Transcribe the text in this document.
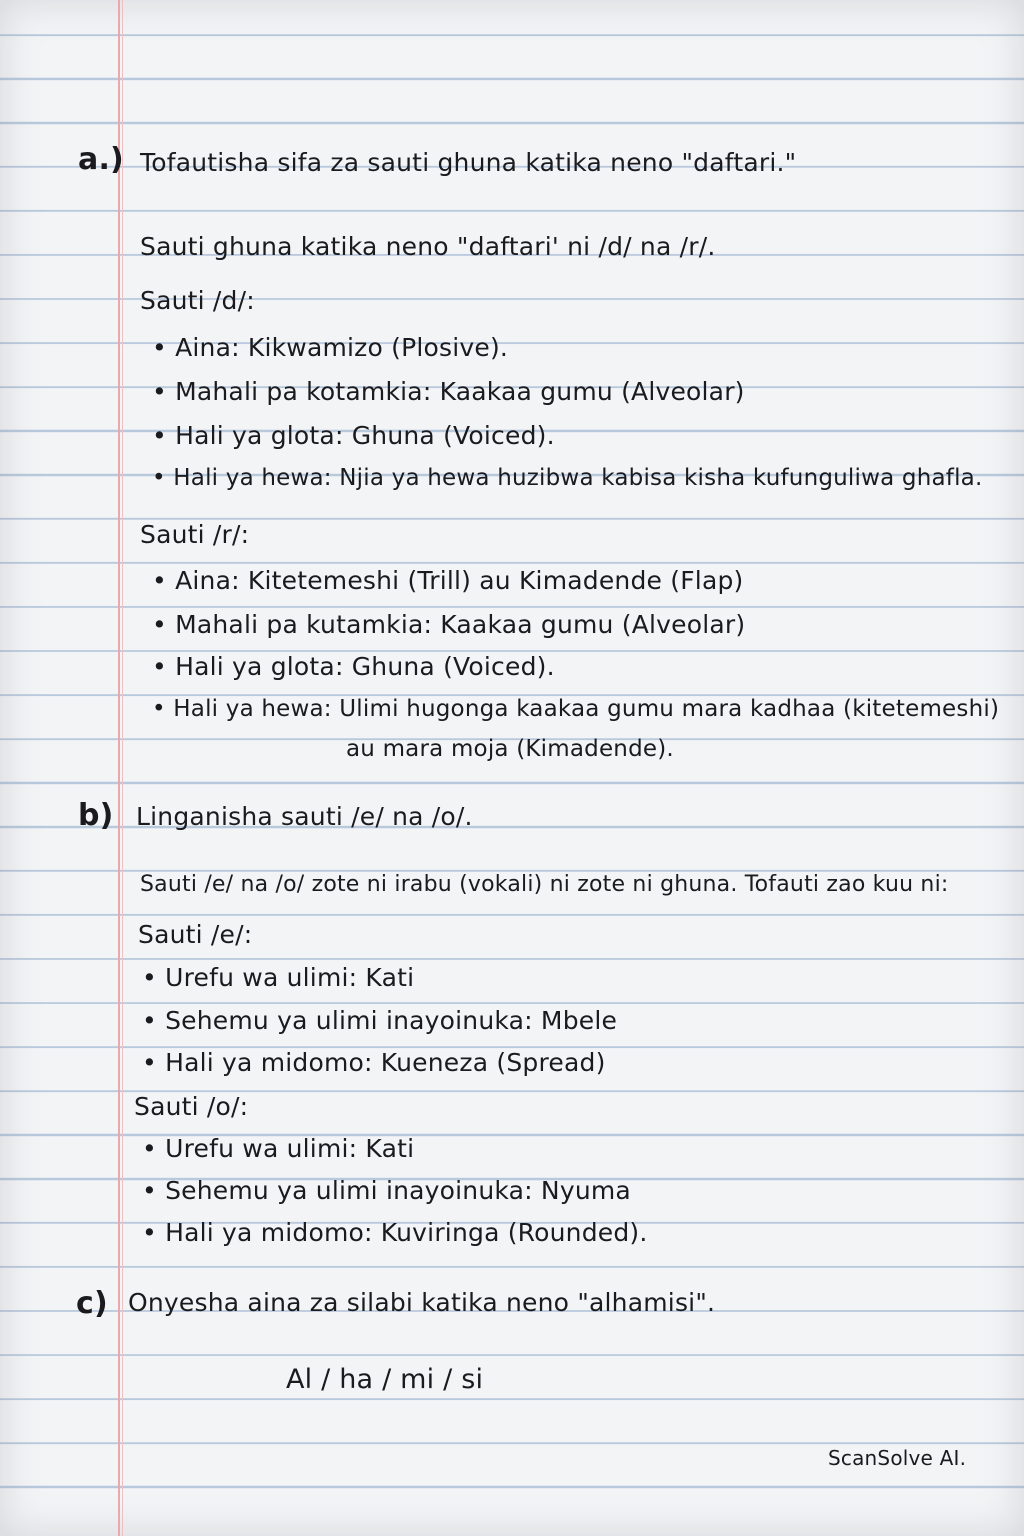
a.) Tofautisha sifa za sauti ghuna katika neno "daftari."
Sauti ghuna katika neno "daftari' ni /d/ na /r/.
Sauti /d/:
• Aina: Kikwamizo (Plosive).
• Mahali pa kotamkia: Kaakaa gumu (Alveolar)
• Hali ya glota: Ghuna (Voiced).
• Hali ya hewa: Njia ya hewa huzibwa kabisa kisha kufunguliwa ghafla.
Sauti /r/:
• Aina: Kitetemeshi (Trill) au Kimadende (Flap)
• Mahali pa kutamkia: Kaakaa gumu (Alveolar)
• Hali ya glota: Ghuna (Voiced).
• Hali ya hewa: Ulimi hugonga kaakaa gumu mara kadhaa (kitetemeshi)
au mara moja (Kimadende).
b) Linganisha sauti /e/ na /o/.
Sauti /e/ na /o/ zote ni irabu (vokali) ni zote ni ghuna. Tofauti zao kuu ni:
Sauti /e/:
• Urefu wa ulimi: Kati
• Sehemu ya ulimi inayoinuka: Mbele
• Hali ya midomo: Kueneza (Spread)
Sauti /o/:
• Urefu wa ulimi: Kati
• Sehemu ya ulimi inayoinuka: Nyuma
• Hali ya midomo: Kuviringa (Rounded).
c) Onyesha aina za silabi katika neno "alhamisi".
Al / ha / mi / si
ScanSolve AI.
